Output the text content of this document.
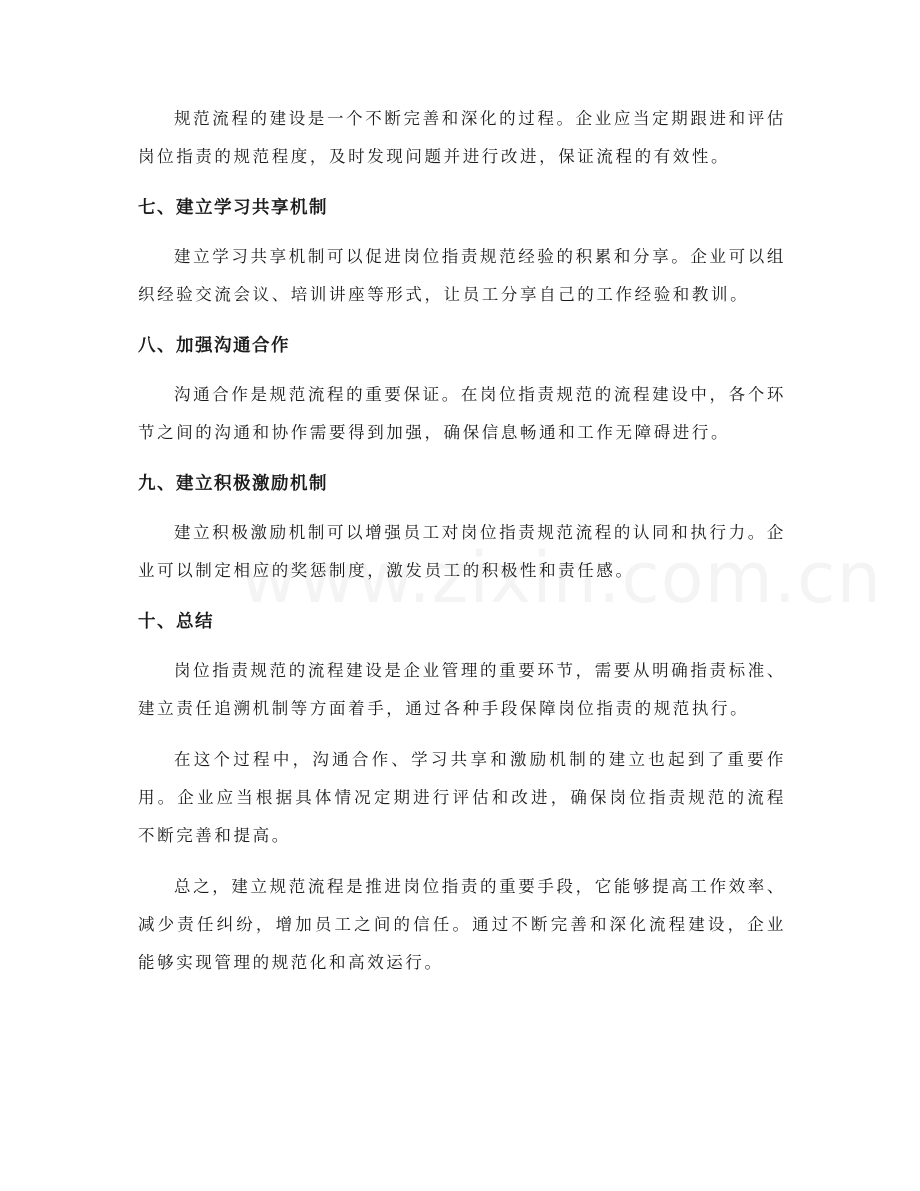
规范流程的建设是一个不断完善和深化的过程。企业应当定期跟进和评估岗位指责的规范程度，及时发现问题并进行改进，保证流程的有效性。

七、建立学习共享机制

建立学习共享机制可以促进岗位指责规范经验的积累和分享。企业可以组织经验交流会议、培训讲座等形式，让员工分享自己的工作经验和教训。

八、加强沟通合作

沟通合作是规范流程的重要保证。在岗位指责规范的流程建设中，各个环节之间的沟通和协作需要得到加强，确保信息畅通和工作无障碍进行。

九、建立积极激励机制

建立积极激励机制可以增强员工对岗位指责规范流程的认同和执行力。企业可以制定相应的奖惩制度，激发员工的积极性和责任感。

十、总结

岗位指责规范的流程建设是企业管理的重要环节，需要从明确指责标准、建立责任追溯机制等方面着手，通过各种手段保障岗位指责的规范执行。

在这个过程中，沟通合作、学习共享和激励机制的建立也起到了重要作用。企业应当根据具体情况定期进行评估和改进，确保岗位指责规范的流程不断完善和提高。

总之，建立规范流程是推进岗位指责的重要手段，它能够提高工作效率、减少责任纠纷，增加员工之间的信任。通过不断完善和深化流程建设，企业能够实现管理的规范化和高效运行。
